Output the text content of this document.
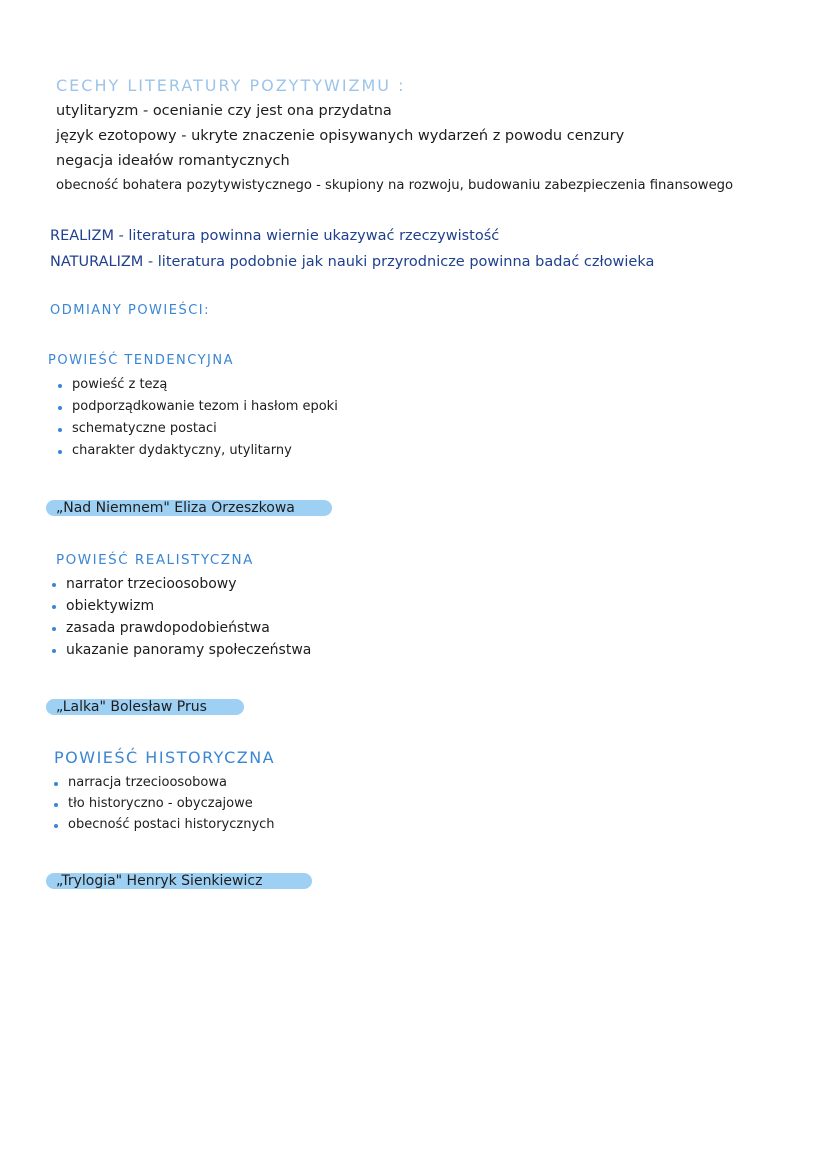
CECHY LITERATURY POZYTYWIZMU :
utylitaryzm - ocenianie czy jest ona przydatna
język ezotopowy - ukryte znaczenie opisywanych wydarzeń z powodu cenzury
negacja ideałów romantycznych
obecność bohatera pozytywistycznego - skupiony na rozwoju, budowaniu zabezpieczenia finansowego
REALIZM - literatura powinna wiernie ukazywać rzeczywistość
NATURALIZM - literatura podobnie jak nauki przyrodnicze powinna badać człowieka
ODMIANY POWIEŚCI:
POWIEŚĆ TENDENCYJNA
powieść z tezą
podporządkowanie tezom i hasłom epoki
schematyczne postaci
charakter dydaktyczny, utylitarny
„Nad Niemnem" Eliza Orzeszkowa
POWIEŚĆ REALISTYCZNA
narrator trzecioosobowy
obiektywizm
zasada prawdopodobieństwa
ukazanie panoramy społeczeństwa
„Lalka" Bolesław Prus
POWIEŚĆ HISTORYCZNA
narracja trzecioosobowa
tło historyczno - obyczajowe
obecność postaci historycznych
„Trylogia" Henryk Sienkiewicz
